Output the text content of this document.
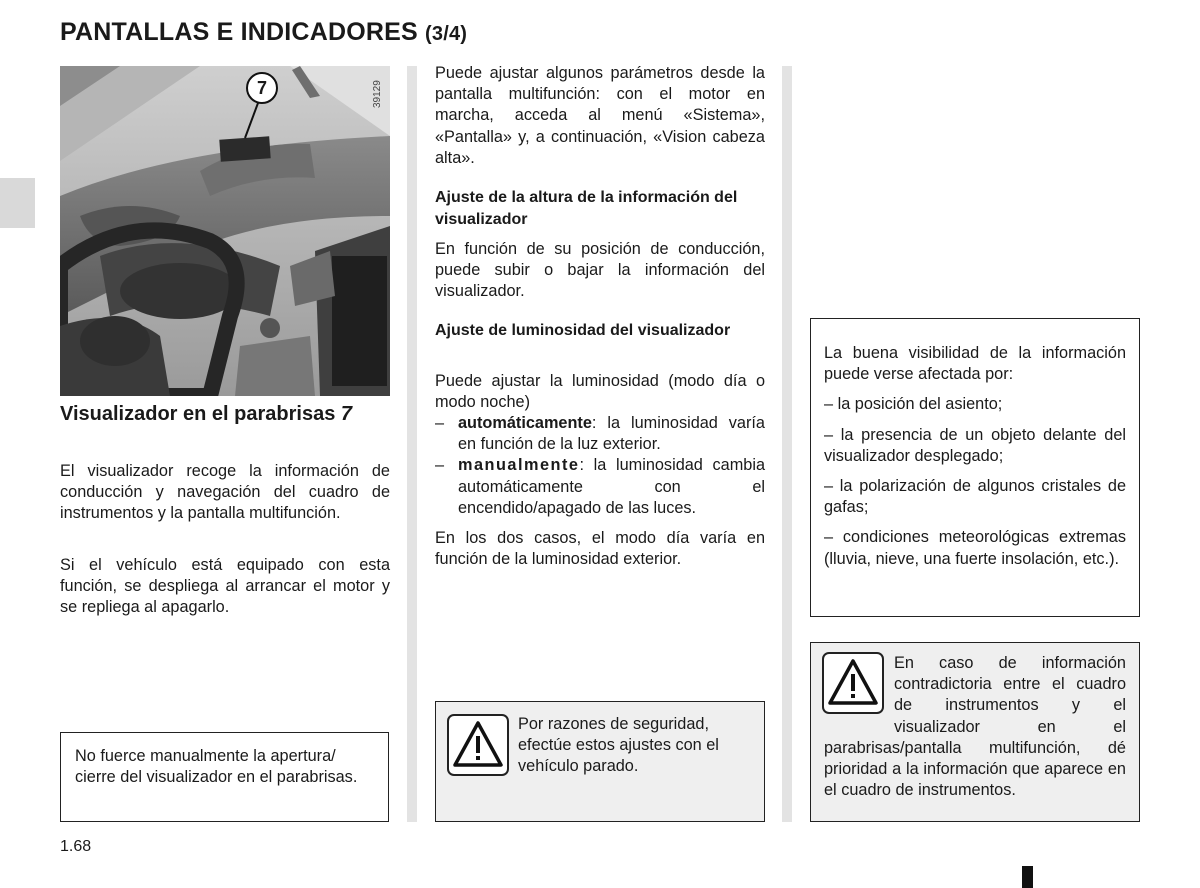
PANTALLAS E INDICADORES (3/4)
7	39129
Visualizador en el parabrisas 7

El visualizador recoge la información de conducción y navegación del cuadro de instrumentos y la pantalla multifunción.

Si el vehículo está equipado con esta función, se despliega al arrancar el motor y se repliega al apagarlo.

No fuerce manualmente la apertura/ cierre del visualizador en el parabrisas.

Puede ajustar algunos parámetros desde la pantalla multifunción: con el motor en marcha, acceda al menú «Sistema», «Pantalla» y, a continuación, «Vision cabeza alta».

Ajuste de la altura de la información del visualizador

En función de su posición de conducción, puede subir o bajar la información del visualizador.

Ajuste de luminosidad del visualizador

Puede ajustar la luminosidad (modo día o modo noche)

– automáticamente: la luminosidad varía en función de la luz exterior.
– manualmente: la luminosidad cambia automáticamente con el encendido/apagado de las luces.

En los dos casos, el modo día varía en función de la luminosidad exterior.

Por razones de seguridad, efectúe estos ajustes con el vehículo parado.

La buena visibilidad de la información puede verse afectada por:

– la posición del asiento;

– la presencia de un objeto delante del visualizador desplegado;

– la polarización de algunos cristales de gafas;

– condiciones meteorológicas extremas (lluvia, nieve, una fuerte insolación, etc.).

En caso de información contradictoria entre el cuadro de instrumentos y el visualizador en el parabrisas/pantalla multifunción, dé prioridad a la información que aparece en el cuadro de instrumentos.

1.68
